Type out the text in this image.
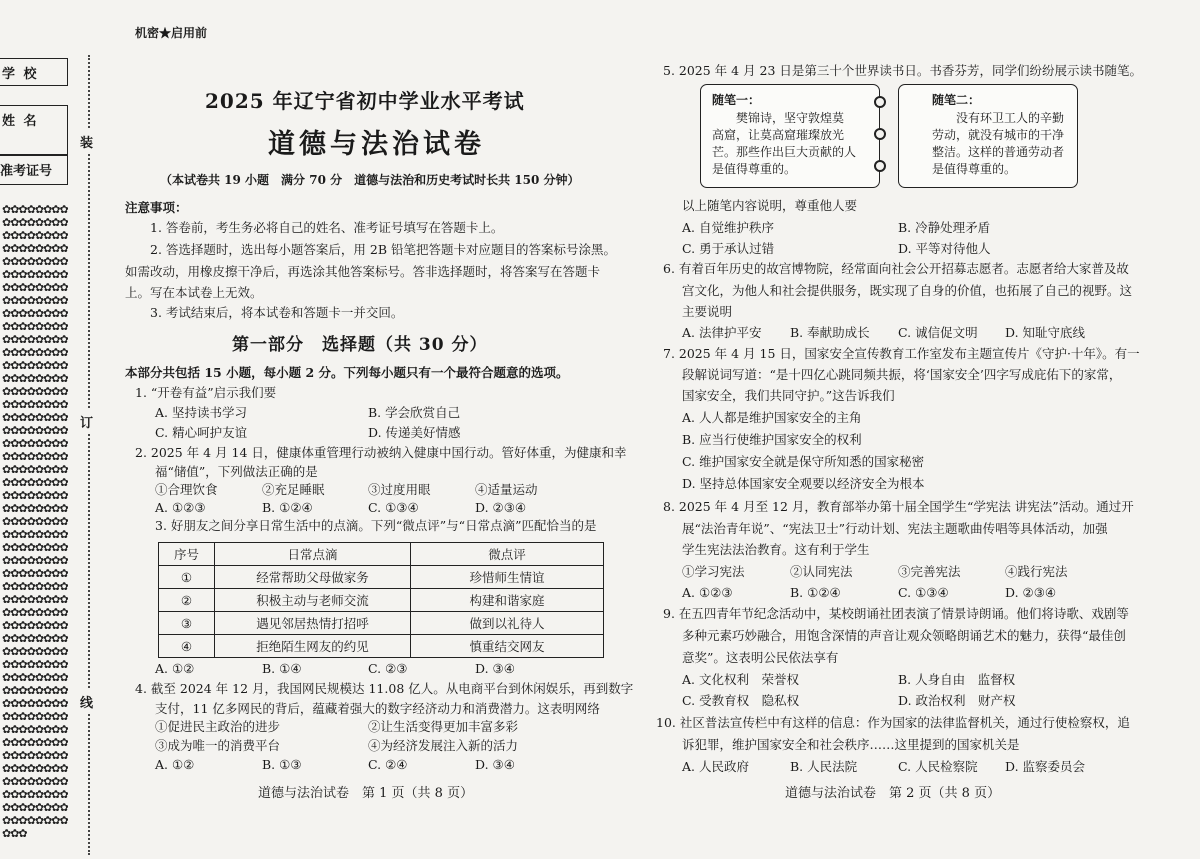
学 校
姓 名
准考证号
✿✿✿✿✿✿✿✿✿✿✿✿✿✿✿✿✿✿✿✿✿✿✿✿✿✿✿✿✿✿✿✿✿✿✿✿✿✿✿✿✿✿✿✿✿✿✿✿✿✿✿✿✿✿✿✿✿✿✿✿✿✿✿✿✿✿✿✿✿✿✿✿✿✿✿✿✿✿✿✿✿✿✿✿✿✿✿✿✿✿✿✿✿✿✿✿✿✿✿✿✿✿✿✿✿✿✿✿✿✿✿✿✿✿✿✿✿✿✿✿✿✿✿✿✿✿✿✿✿✿✿✿✿✿✿✿✿✿✿✿✿✿✿✿✿✿✿✿✿✿✿✿✿✿✿✿✿✿✿✿✿✿✿✿✿✿✿✿✿✿✿✿✿✿✿✿✿✿✿✿✿✿✿✿✿✿✿✿✿✿✿✿✿✿✿✿✿✿✿✿✿✿✿✿✿✿✿✿✿✿✿✿✿✿✿✿✿✿✿✿✿✿✿✿✿✿✿✿✿✿✿✿✿✿✿✿✿✿✿✿✿✿✿✿✿✿✿✿✿✿✿✿✿✿✿✿✿✿✿✿✿✿✿✿✿✿✿✿✿✿✿✿✿✿✿✿✿✿✿✿✿✿✿✿✿✿✿✿✿✿✿✿✿✿✿✿✿✿✿✿✿✿✿✿✿✿✿✿✿✿✿✿✿✿✿✿✿✿✿✿✿✿✿✿✿✿✿✿✿✿✿✿✿✿✿✿✿✿✿✿✿✿✿✿✿✿✿✿✿✿✿✿✿✿✿✿✿✿✿✿✿✿✿✿✿✿✿✿✿✿✿✿✿✿✿✿✿✿✿✿✿✿✿✿✿✿✿
装
订
线
机密★启用前
2025 年辽宁省初中学业水平考试
道德与法治试卷
（本试卷共 19 小题　满分 70 分　道德与法治和历史考试时长共 150 分钟）
注意事项：
1. 答卷前，考生务必将自己的姓名、准考证号填写在答题卡上。
2. 答选择题时，选出每小题答案后，用 2B 铅笔把答题卡对应题目的答案标号涂黑。
如需改动，用橡皮擦干净后，再选涂其他答案标号。答非选择题时，将答案写在答题卡
上。写在本试卷上无效。
3. 考试结束后，将本试卷和答题卡一并交回。
第一部分　选择题（共 30 分）
本部分共包括 15 小题，每小题 2 分。下列每小题只有一个最符合题意的选项。
1. “开卷有益”启示我们要
A. 坚持读书学习	B. 学会欣赏自己
C. 精心呵护友谊	D. 传递美好情感
2. 2025 年 4 月 14 日，健康体重管理行动被纳入健康中国行动。管好体重，为健康和幸
福“储值”，下列做法正确的是
①合理饮食	②充足睡眠	③过度用眼	④适量运动
A. ①②③	B. ①②④	C. ①③④	D. ②③④
3. 好朋友之间分享日常生活中的点滴。下列“微点评”与“日常点滴”匹配恰当的是
序号	日常点滴	微点评
①	经常帮助父母做家务	珍惜师生情谊
②	积极主动与老师交流	构建和谐家庭
③	遇见邻居热情打招呼	做到以礼待人
④	拒绝陌生网友的约见	慎重结交网友
A. ①②	B. ①④	C. ②③	D. ③④
4. 截至 2024 年 12 月，我国网民规模达 11.08 亿人。从电商平台到休闲娱乐，再到数字
支付，11 亿多网民的背后，蕴藏着强大的数字经济动力和消费潜力。这表明网络
①促进民主政治的进步	②让生活变得更加丰富多彩
③成为唯一的消费平台	④为经济发展注入新的活力
A. ①②	B. ①③	C. ②④	D. ③④
道德与法治试卷　第 1 页（共 8 页）
5. 2025 年 4 月 23 日是第三十个世界读书日。书香芬芳，同学们纷纷展示读书随笔。
随笔一：
　　樊锦诗，坚守敦煌莫
高窟，让莫高窟璀璨放光
芒。那些作出巨大贡献的人
是值得尊重的。
随笔二：
　　没有环卫工人的辛勤
劳动，就没有城市的干净
整洁。这样的普通劳动者
是值得尊重的。
以上随笔内容说明，尊重他人要
A. 自觉维护秩序	B. 冷静处理矛盾
C. 勇于承认过错	D. 平等对待他人
6. 有着百年历史的故宫博物院，经常面向社会公开招募志愿者。志愿者给大家普及故
宫文化，为他人和社会提供服务，既实现了自身的价值，也拓展了自己的视野。这
主要说明
A. 法律护平安 B. 奉献助成长 C. 诚信促文明 D. 知耻守底线
7. 2025 年 4 月 15 日，国家安全宣传教育工作室发布主题宣传片《守护·十年》。有一
段解说词写道：“是十四亿心跳同频共振，将‘国家安全’四字写成庇佑下的家常，
国家安全，我们共同守护。”这告诉我们
A. 人人都是维护国家安全的主角
B. 应当行使维护国家安全的权利
C. 维护国家安全就是保守所知悉的国家秘密
D. 坚持总体国家安全观要以经济安全为根本
8. 2025 年 4 月至 12 月，教育部举办第十届全国学生“学宪法 讲宪法”活动。通过开
展“法治青年说”、“宪法卫士”行动计划、宪法主题歌曲传唱等具体活动，加强
学生宪法法治教育。这有利于学生
①学习宪法	②认同宪法	③完善宪法	④践行宪法
A. ①②③	B. ①②④	C. ①③④	D. ②③④
9. 在五四青年节纪念活动中，某校朗诵社团表演了情景诗朗诵。他们将诗歌、戏剧等
多种元素巧妙融合，用饱含深情的声音让观众领略朗诵艺术的魅力，获得“最佳创
意奖”。这表明公民依法享有
A. 文化权利　荣誉权	B. 人身自由　监督权
C. 受教育权　隐私权	D. 政治权利　财产权
10. 社区普法宣传栏中有这样的信息：作为国家的法律监督机关，通过行使检察权，追
诉犯罪，维护国家安全和社会秩序……这里提到的国家机关是
A. 人民政府	B. 人民法院	C. 人民检察院 D. 监察委员会
道德与法治试卷　第 2 页（共 8 页）
